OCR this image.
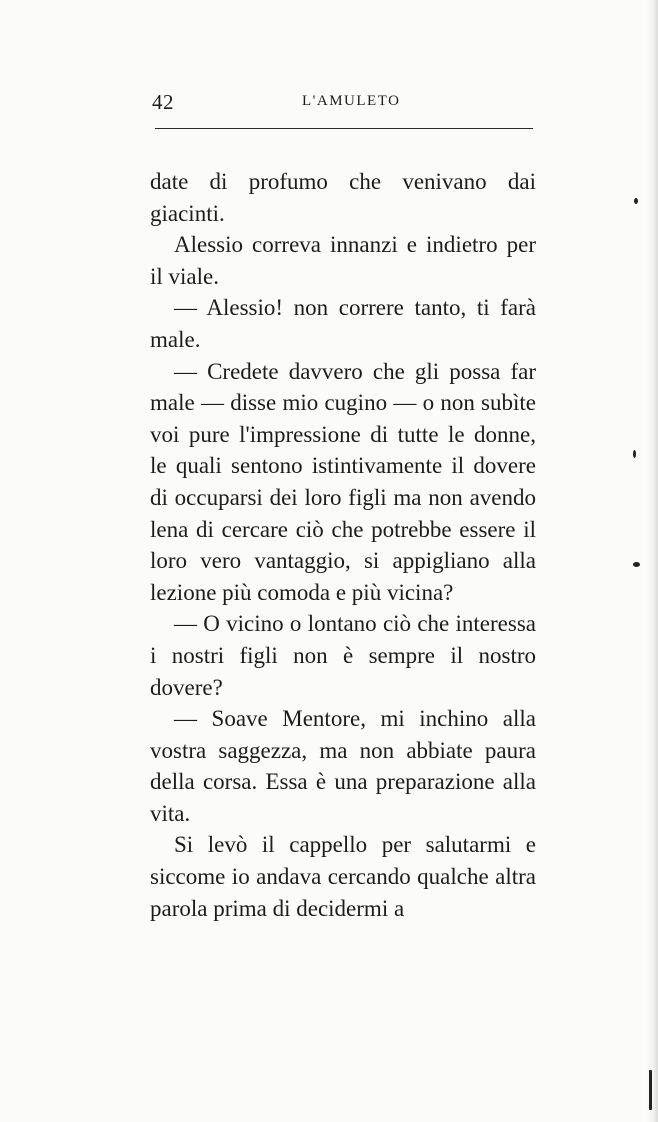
42	L'AMULETO

date di profumo che venivano dai giacinti.

Alessio correva innanzi e indietro per il viale.

— Alessio! non correre tanto, ti farà male.

— Credete davvero che gli possa far male — disse mio cugino — o non subìte voi pure l'impressione di tutte le donne, le quali sentono istintivamente il dovere di occuparsi dei loro figli ma non avendo lena di cercare ciò che potrebbe essere il loro vero vantaggio, si appigliano alla lezione più comoda e più vicina?

— O vicino o lontano ciò che interessa i nostri figli non è sempre il nostro dovere?

— Soave Mentore, mi inchino alla vostra saggezza, ma non abbiate paura della corsa. Essa è una preparazione alla vita.

Si levò il cappello per salutarmi e siccome io andava cercando qualche altra parola prima di decidermi a
